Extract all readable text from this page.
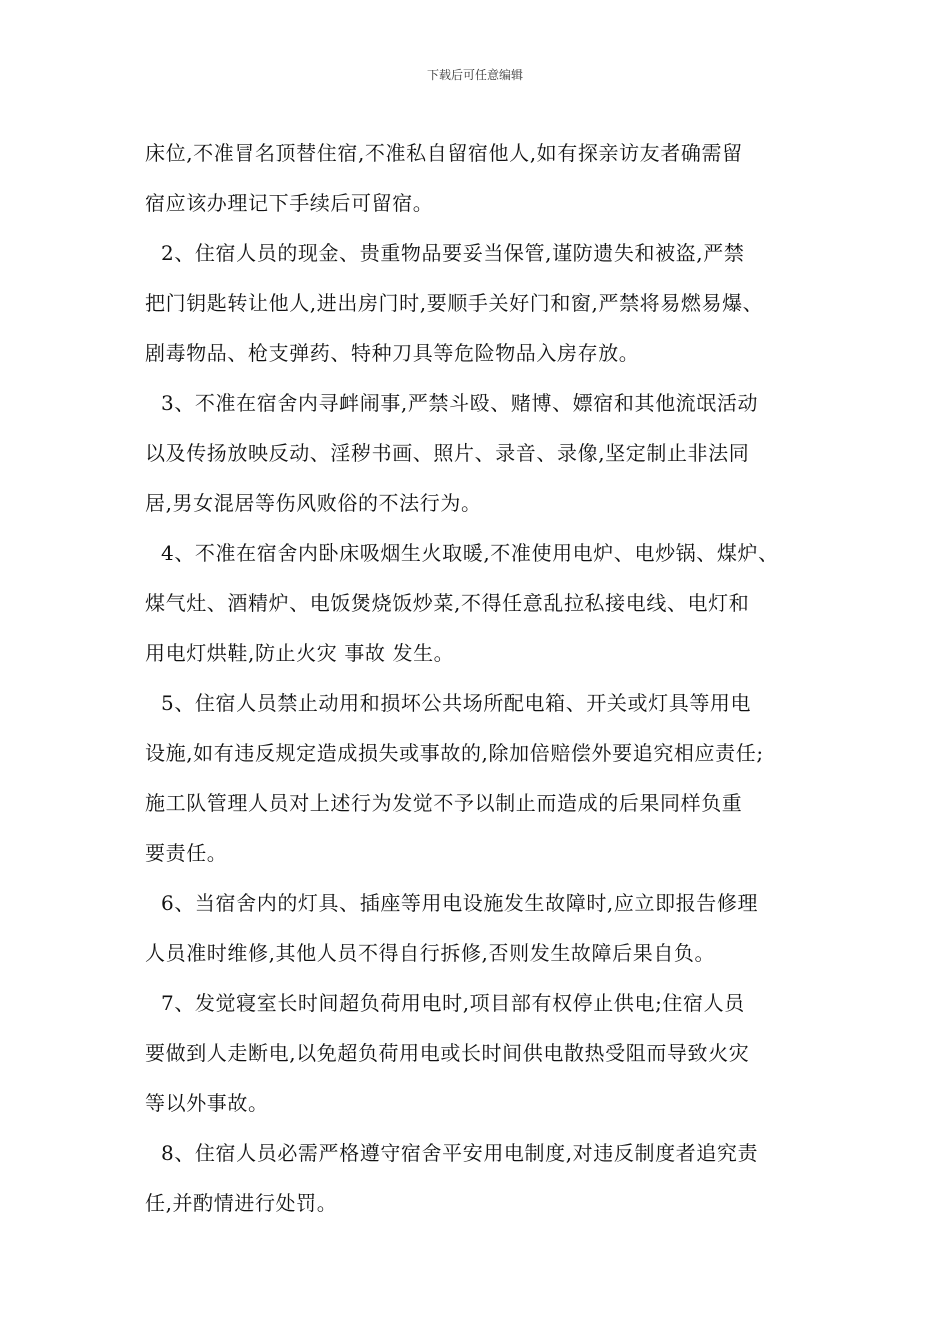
下载后可任意编辑
床位,不准冒名顶替住宿,不准私自留宿他人,如有探亲访友者确需留
宿应该办理记下手续后可留宿。
2、住宿人员的现金、贵重物品要妥当保管,谨防遗失和被盗,严禁
把门钥匙转让他人,进出房门时,要顺手关好门和窗,严禁将易燃易爆、
剧毒物品、枪支弹药、特种刀具等危险物品入房存放。
3、不准在宿舍内寻衅闹事,严禁斗殴、赌博、嫖宿和其他流氓活动
以及传扬放映反动、淫秽书画、照片、录音、录像,坚定制止非法同
居,男女混居等伤风败俗的不法行为。
4、不准在宿舍内卧床吸烟生火取暖,不准使用电炉、电炒锅、煤炉、
煤气灶、酒精炉、电饭煲烧饭炒菜,不得任意乱拉私接电线、电灯和
用电灯烘鞋,防止火灾 事故 发生。
5、住宿人员禁止动用和损坏公共场所配电箱、开关或灯具等用电
设施,如有违反规定造成损失或事故的,除加倍赔偿外要追究相应责任;
施工队管理人员对上述行为发觉不予以制止而造成的后果同样负重
要责任。
6、当宿舍内的灯具、插座等用电设施发生故障时,应立即报告修理
人员准时维修,其他人员不得自行拆修,否则发生故障后果自负。
7、发觉寝室长时间超负荷用电时,项目部有权停止供电;住宿人员
要做到人走断电,以免超负荷用电或长时间供电散热受阻而导致火灾
等以外事故。
8、住宿人员必需严格遵守宿舍平安用电制度,对违反制度者追究责
任,并酌情进行处罚。
